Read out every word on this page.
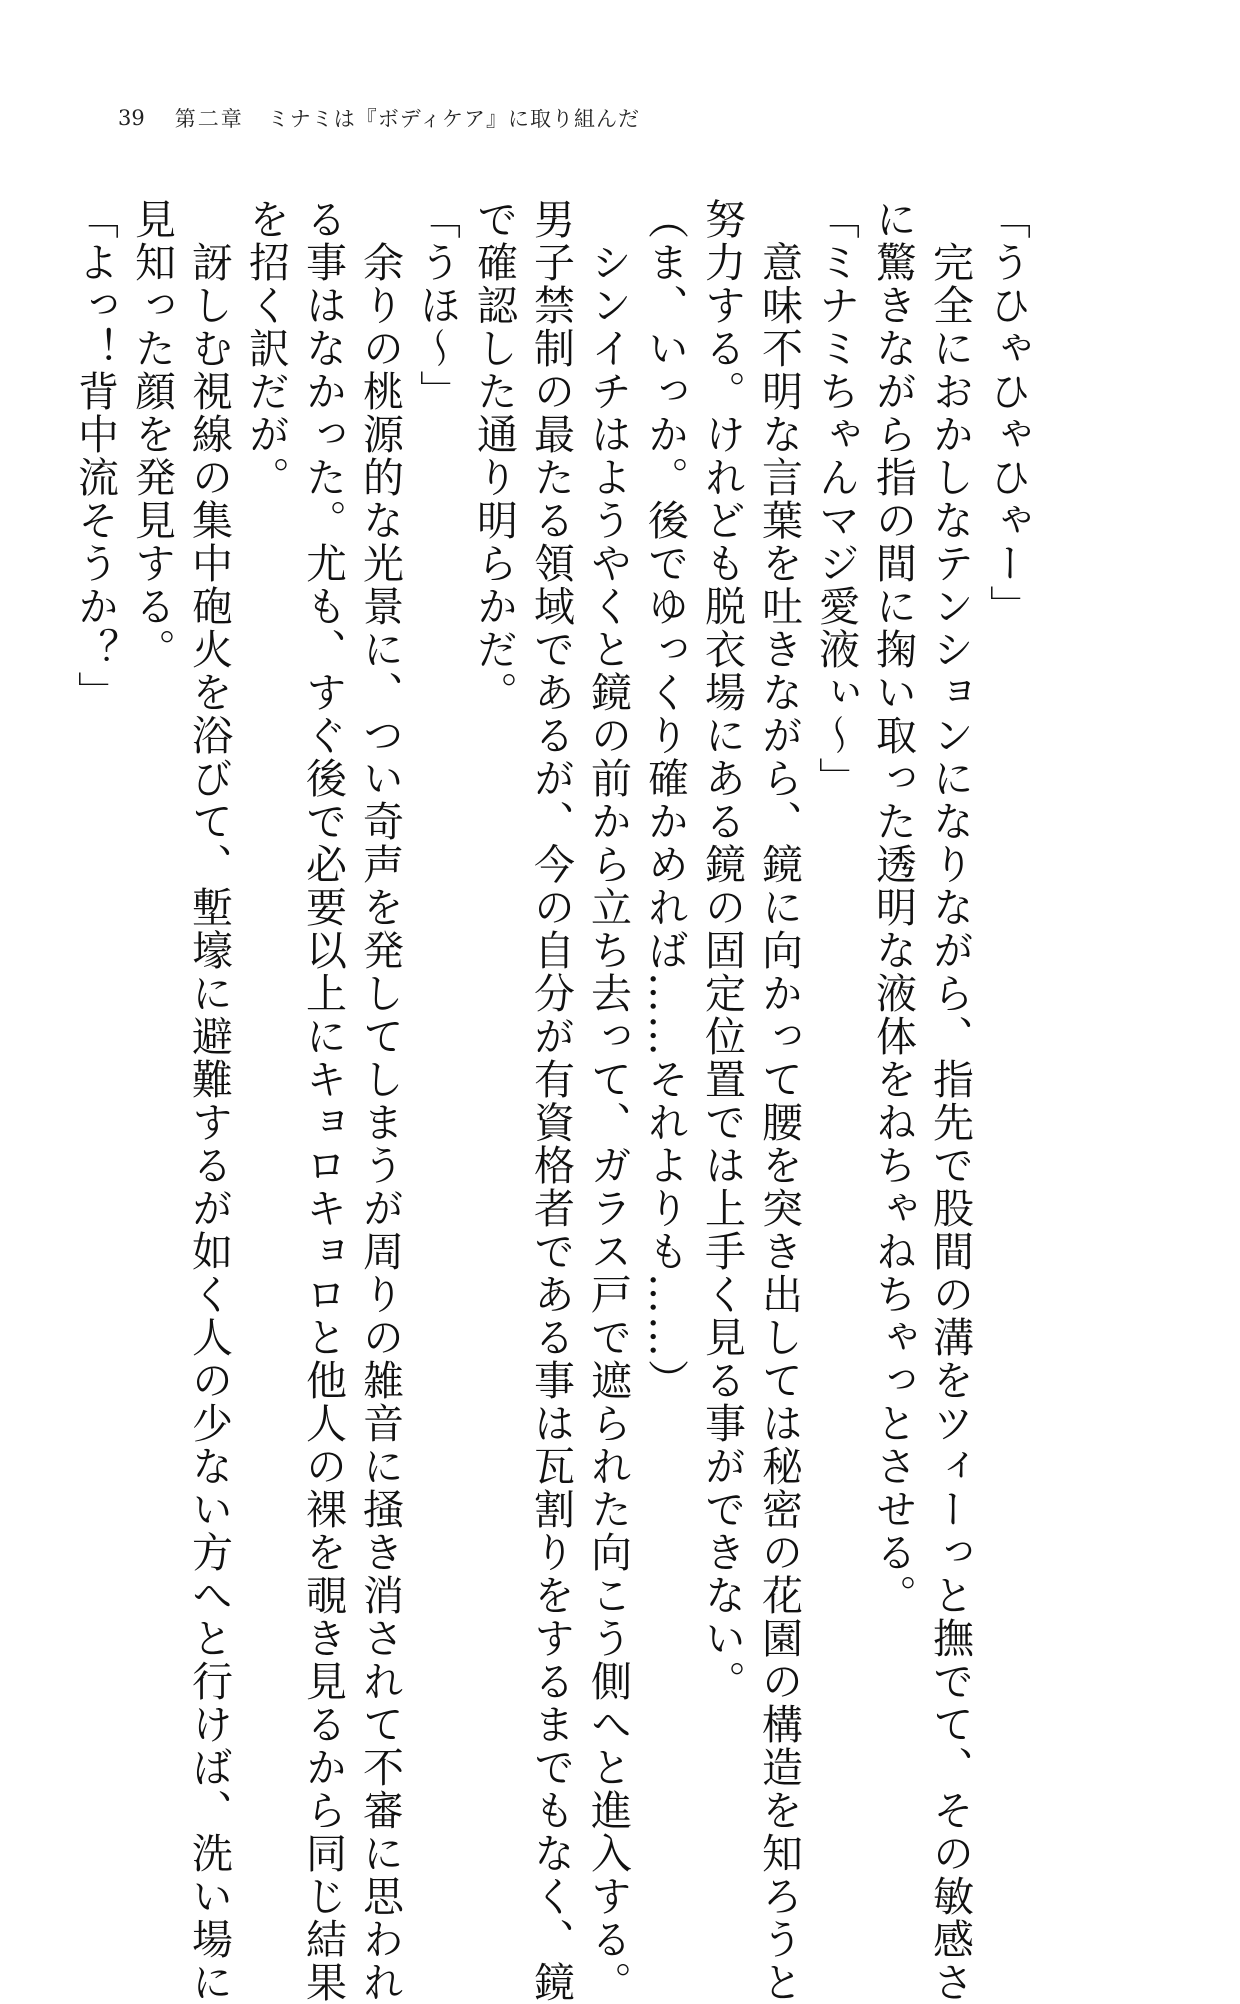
39 第二章 ミナミは『ボディケア』に取り組んだ
「うひゃひゃひゃー」
　完全におかしなテンションになりながら、指先で股間の溝をツィーっと撫でて、その敏感さ
に驚きながら指の間に掬い取った透明な液体をねちゃねちゃっとさせる。
「ミナミちゃんマジ愛液ぃ～」
　意味不明な言葉を吐きながら、鏡に向かって腰を突き出しては秘密の花園の構造を知ろうと
努力する。けれども脱衣場にある鏡の固定位置では上手く見る事ができない。
（ま、いっか。後でゆっくり確かめれば……それよりも……）
　シンイチはようやくと鏡の前から立ち去って、ガラス戸で遮られた向こう側へと進入する。
男子禁制の最たる領域であるが、今の自分が有資格者である事は瓦割りをするまでもなく、鏡
で確認した通り明らかだ。
「うほ～」
　余りの桃源的な光景に、つい奇声を発してしまうが周りの雑音に掻き消されて不審に思われ
る事はなかった。尤も、すぐ後で必要以上にキョロキョロと他人の裸を覗き見るから同じ結果
を招く訳だが。
　訝しむ視線の集中砲火を浴びて、塹壕に避難するが如く人の少ない方へと行けば、洗い場に
見知った顔を発見する。
「よっ！背中流そうか？」
